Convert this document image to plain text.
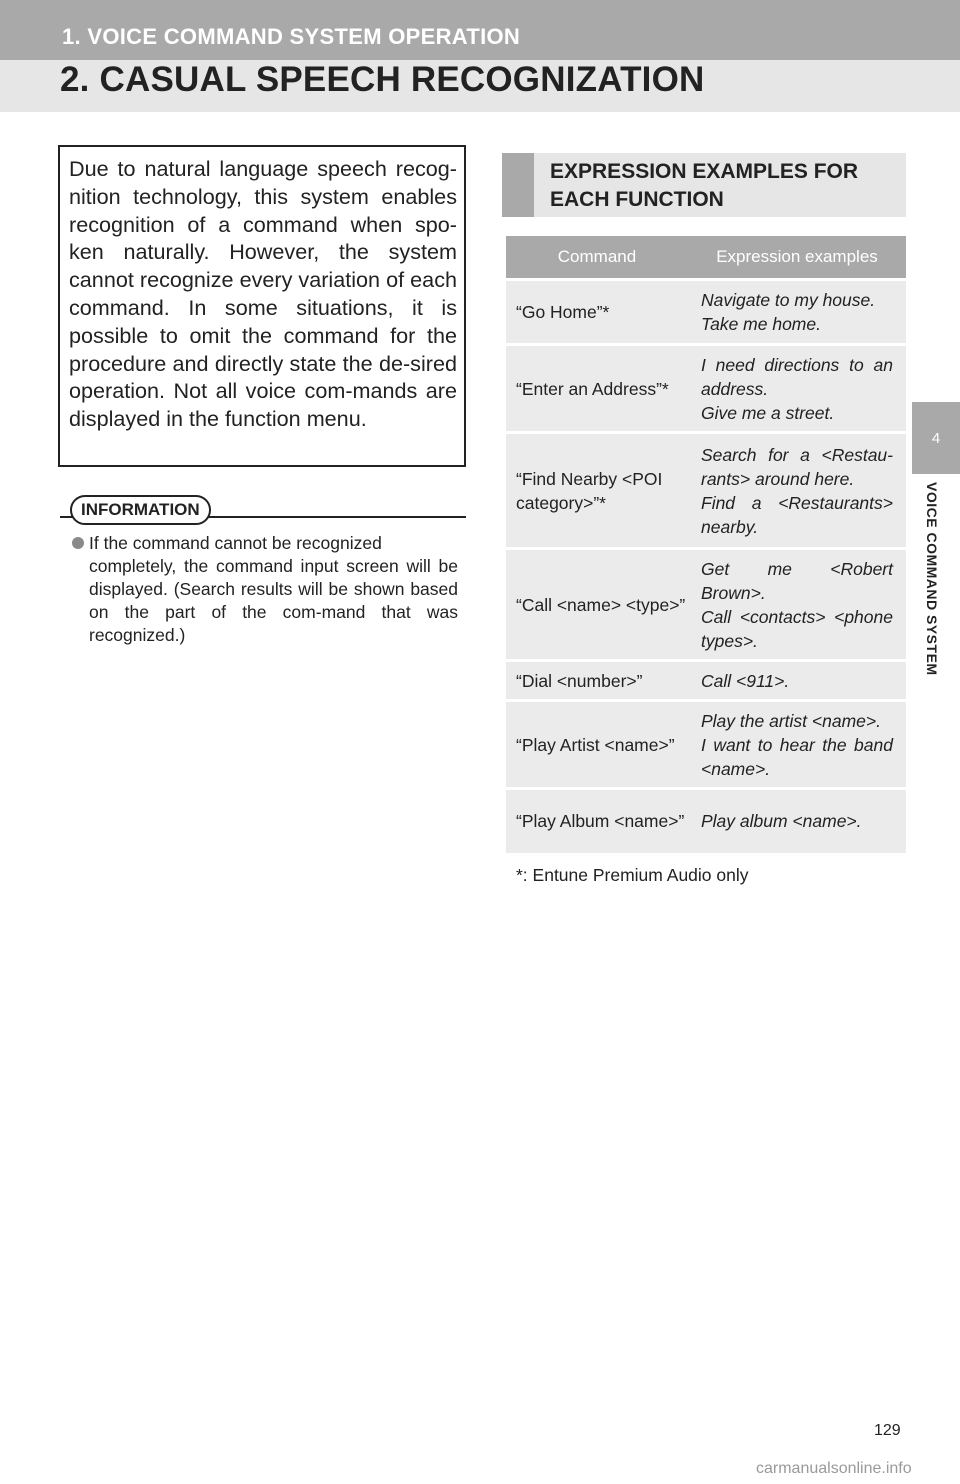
1. VOICE COMMAND SYSTEM OPERATION
2. CASUAL SPEECH RECOGNIZATION
4
VOICE COMMAND SYSTEM
Due to natural language speech recog-nition technology, this system enables recognition of a command when spo-ken naturally. However, the system cannot recognize every variation of each command. In some situations, it is possible to omit the command for the procedure and directly state the de-sired operation. Not all voice com-mands are displayed in the function menu.
INFORMATION
If the command cannot be recognized
completely, the command input screen will be displayed. (Search results will be shown based on the part of the com-mand that was recognized.)
EXPRESSION EXAMPLES FOR EACH FUNCTION
Command	Expression examples
“Go Home”*	Navigate to my house.
Take me home.

“Enter an Address”*	I need directions to an address.
Give me a street.

“Find Nearby <POI category>”*	Search for a <Restau-rants> around here.
Find a <Restaurants> nearby.

“Call <name> <type>”	Get me <Robert Brown>.
Call <contacts> <phone types>.

“Dial <number>”	Call <911>.

“Play Artist <name>”	Play the artist <name>.
I want to hear the band <name>.

“Play Album <name>”	Play album <name>.
*: Entune Premium Audio only
129
carmanualsonline.info
